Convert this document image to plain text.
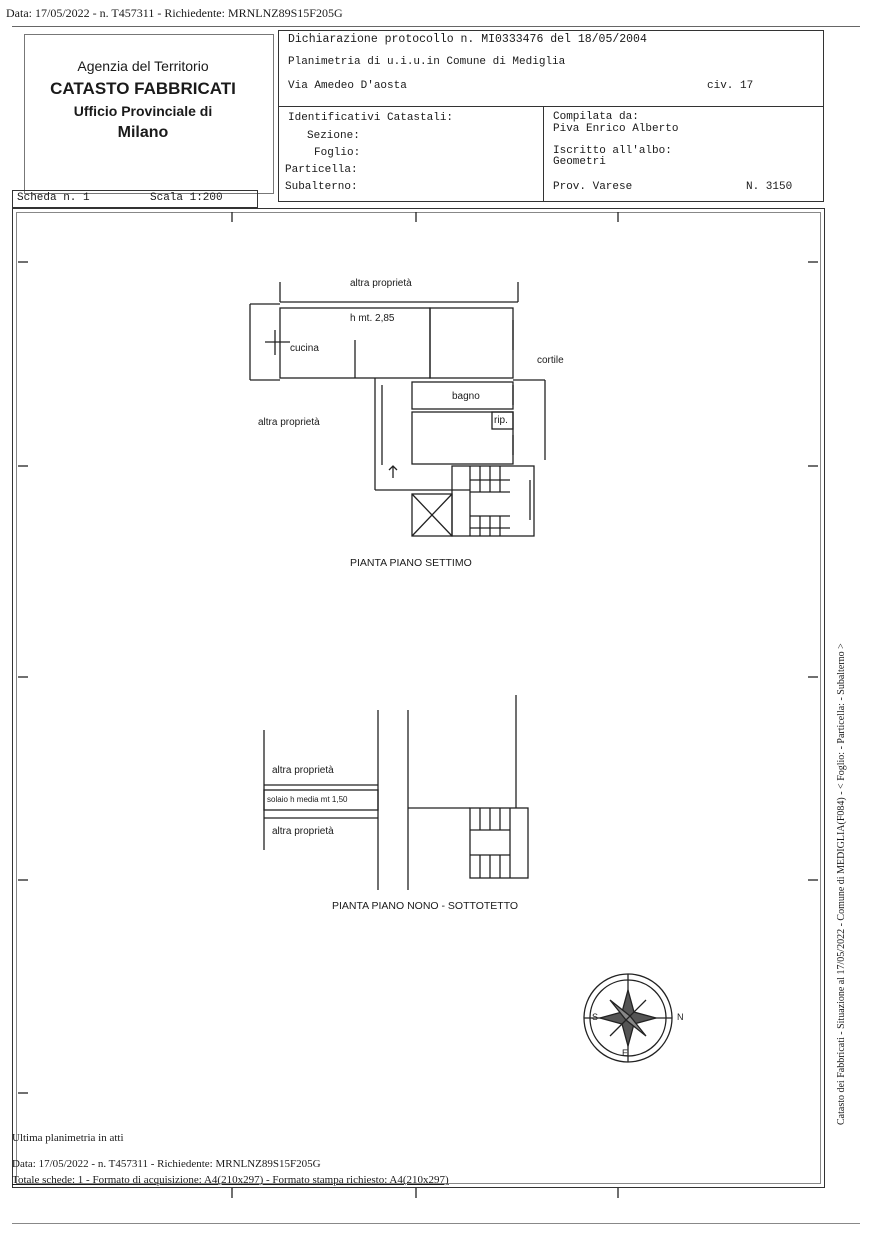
Data: 17/05/2022 - n. T457311 - Richiedente: MRNLNZ89S15F205G
Agenzia del Territorio
CATASTO FABBRICATI
Ufficio Provinciale di
Milano
Dichiarazione protocollo n. MI0333476 del 18/05/2004
Planimetria di u.i.u.in Comune di Mediglia
Via Amedeo D'aosta	civ. 17
Identificativi Catastali:
Sezione:
Foglio:
Particella:
Subalterno:
Compilata da:
Piva Enrico Alberto
Iscritto all'albo:
Geometri
Prov. Varese	N. 3150
Scheda n. 1	Scala 1:200
altra proprietà
h mt. 2,85
cucina
cortile
bagno
rip.
altra proprietà
PIANTA PIANO SETTIMO
altra proprietà
solaio h media mt 1,50
altra proprietà
PIANTA PIANO NONO - SOTTOTETTO
N
S
E	Catasto dei Fabbricati - Situazione al 17/05/2022 - Comune di MEDIGLIA(F084) - < Foglio: - Particella: - Subalterno >
Ultima planimetria in atti
Data: 17/05/2022 - n. T457311 - Richiedente: MRNLNZ89S15F205G
Totale schede: 1 - Formato di acquisizione: A4(210x297) - Formato stampa richiesto: A4(210x297)
